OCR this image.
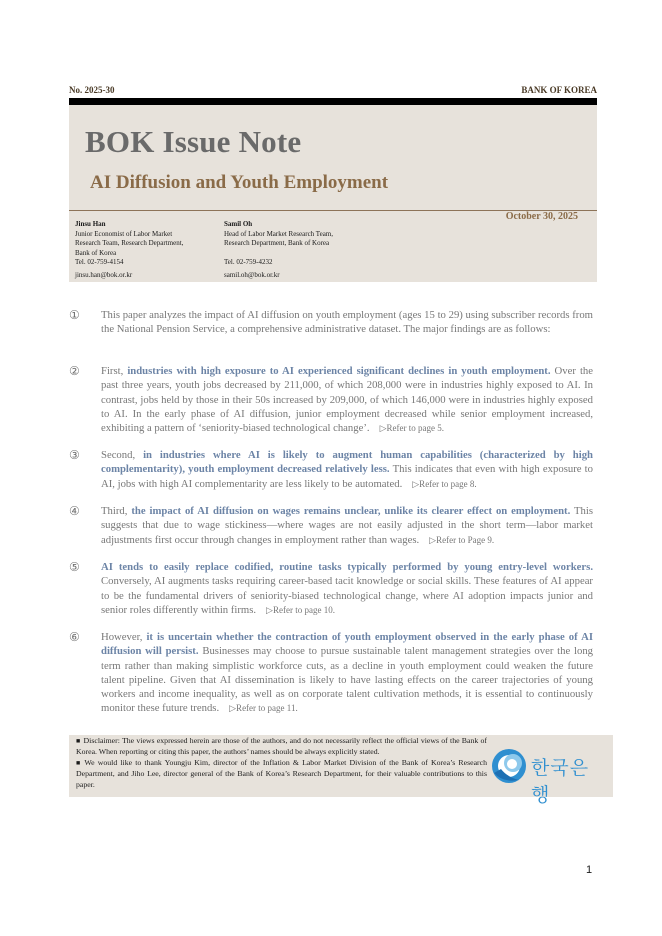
No. 2025-30	BANK OF KOREA
BOK Issue Note
AI Diffusion and Youth Employment
October 30, 2025
Jinsu Han
Junior Economist of Labor Market
Research Team, Research Department,
Bank of Korea
Tel. 02-759-4154
jinsu.han@bok.or.kr
Samil Oh
Head of Labor Market Research Team,
Research Department, Bank of Korea
Tel. 02-759-4232
samil.oh@bok.or.kr
① This paper analyzes the impact of AI diffusion on youth employment (ages 15 to 29) using subscriber records from the National Pension Service, a comprehensive administrative dataset. The major findings are as follows:
② First, industries with high exposure to AI experienced significant declines in youth employment. Over the past three years, youth jobs decreased by 211,000, of which 208,000 were in industries highly exposed to AI. In contrast, jobs held by those in their 50s increased by 209,000, of which 146,000 were in industries highly exposed to AI. In the early phase of AI diffusion, junior employment decreased while senior employment increased, exhibiting a pattern of ‘seniority-biased technological change’. ▷Refer to page 5.
③ Second, in industries where AI is likely to augment human capabilities (characterized by high complementarity), youth employment decreased relatively less. This indicates that even with high exposure to AI, jobs with high AI complementarity are less likely to be automated. ▷Refer to page 8.
④ Third, the impact of AI diffusion on wages remains unclear, unlike its clearer effect on employment. This suggests that due to wage stickiness—where wages are not easily adjusted in the short term—labor market adjustments first occur through changes in employment rather than wages. ▷Refer to Page 9.
⑤ AI tends to easily replace codified, routine tasks typically performed by young entry-level workers. Conversely, AI augments tasks requiring career-based tacit knowledge or social skills. These features of AI appear to be the fundamental drivers of seniority-biased technological change, where AI adoption impacts junior and senior roles differently within firms. ▷Refer to page 10.
⑥ However, it is uncertain whether the contraction of youth employment observed in the early phase of AI diffusion will persist. Businesses may choose to pursue sustainable talent management strategies over the long term rather than making simplistic workforce cuts, as a decline in youth employment could weaken the future talent pipeline. Given that AI dissemination is likely to have lasting effects on the career trajectories of young workers and income inequality, as well as on corporate talent cultivation methods, it is essential to continuously monitor these future trends. ▷Refer to page 11.
■ Disclaimer: The views expressed herein are those of the authors, and do not necessarily reflect the official views of the Bank of Korea. When reporting or citing this paper, the authors’ names should be always explicitly stated.
■ We would like to thank Youngju Kim, director of the Inflation & Labor Market Division of the Bank of Korea’s Research Department, and Jiho Lee, director general of the Bank of Korea’s Research Department, for their valuable contributions to this paper.
한국은행
1
